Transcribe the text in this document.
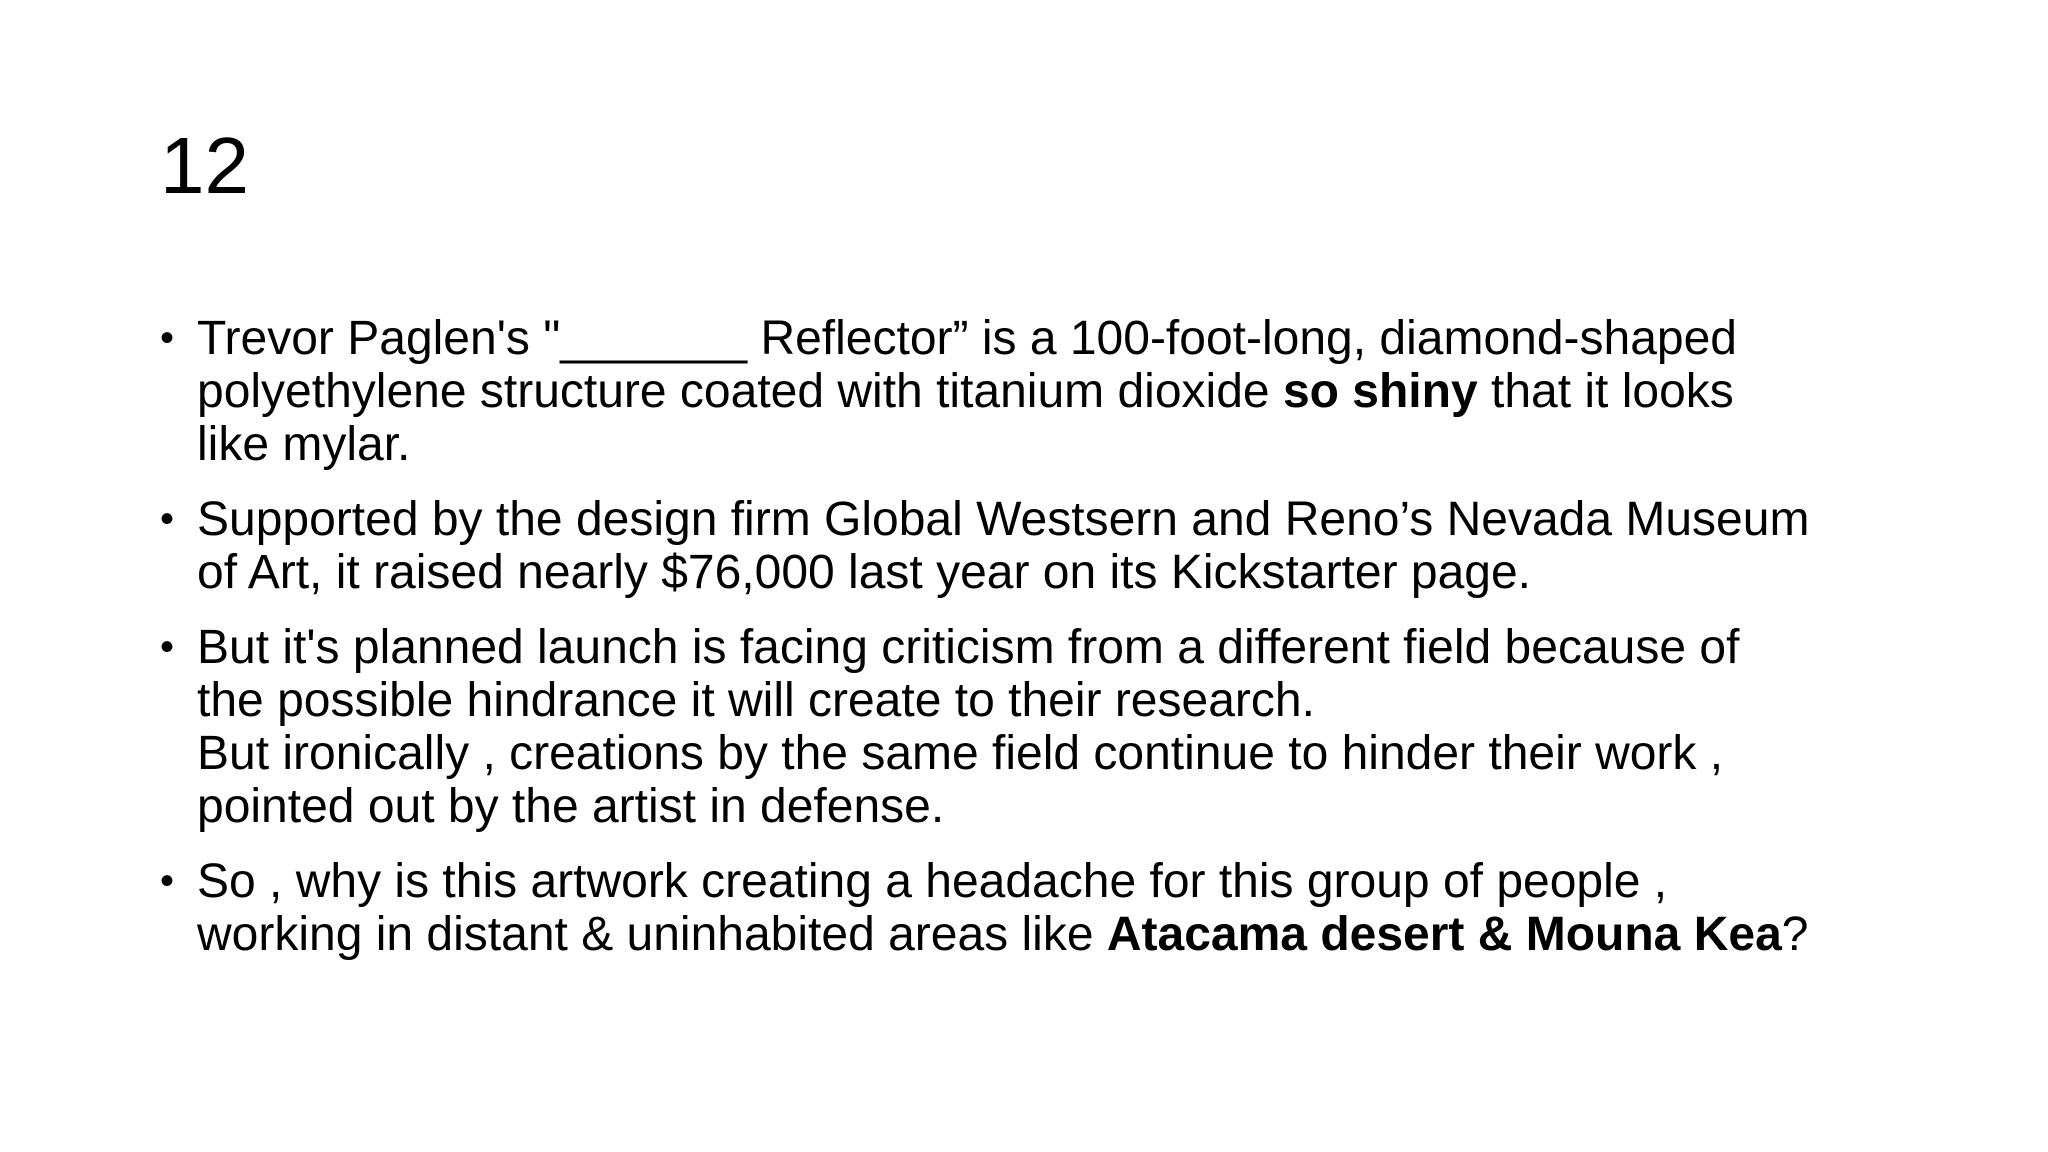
12
• Trevor Paglen's "_______ Reflector” is a 100-foot-long, diamond-shaped
polyethylene structure coated with titanium dioxide so shiny that it looks
like mylar.
• Supported by the design firm Global Westsern and Reno’s Nevada Museum
of Art, it raised nearly $76,000 last year on its Kickstarter page.
• But it's planned launch is facing criticism from a different field because of
the possible hindrance it will create to their research.
But ironically , creations by the same field continue to hinder their work ,
pointed out by the artist in defense.
• So , why is this artwork creating a headache for this group of people ,
working in distant & uninhabited areas like Atacama desert & Mouna Kea?
